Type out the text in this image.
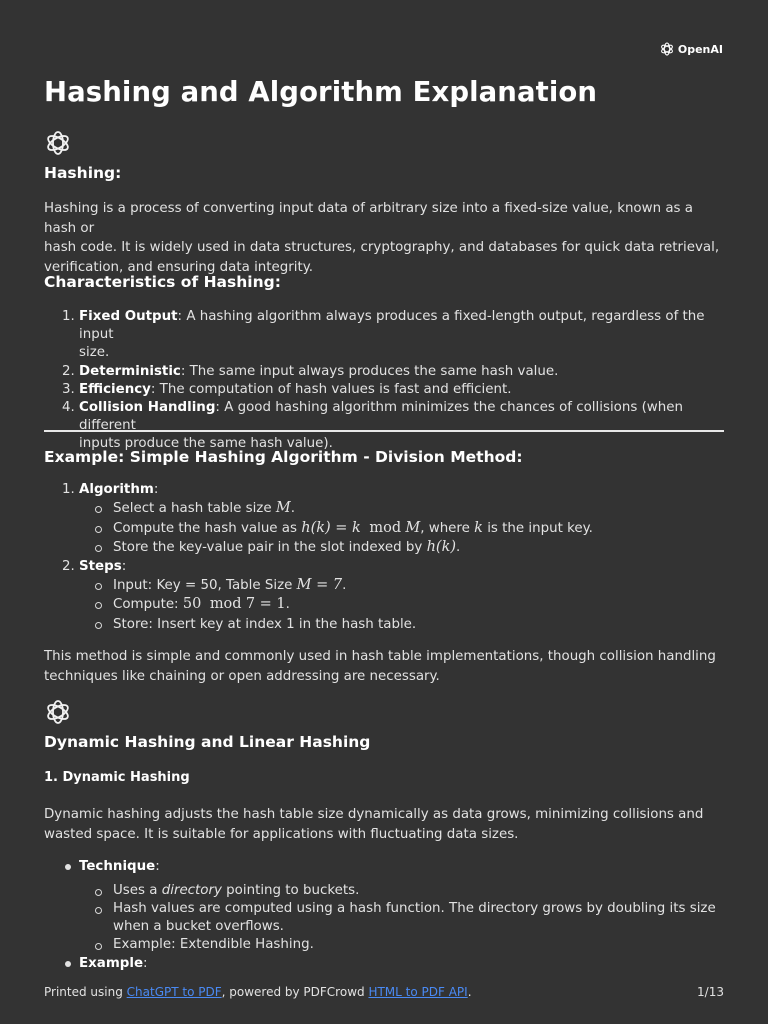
OpenAI
Hashing and Algorithm Explanation
Hashing:
Hashing is a process of converting input data of arbitrary size into a fixed-size value, known as a hash or
hash code. It is widely used in data structures, cryptography, and databases for quick data retrieval,
verification, and ensuring data integrity.
Characteristics of Hashing:
1. Fixed Output: A hashing algorithm always produces a fixed-length output, regardless of the input
size.
2. Deterministic: The same input always produces the same hash value.
3. Efficiency: The computation of hash values is fast and efficient.
4. Collision Handling: A good hashing algorithm minimizes the chances of collisions (when different
inputs produce the same hash value).
Example: Simple Hashing Algorithm - Division Method:
1. Algorithm:
Select a hash table size M.
Compute the hash value as h(k) = k mod M, where k is the input key.
Store the key-value pair in the slot indexed by h(k).
2. Steps:
Input: Key = 50, Table Size M = 7.
Compute: 50 mod 7 = 1.
Store: Insert key at index 1 in the hash table.
This method is simple and commonly used in hash table implementations, though collision handling
techniques like chaining or open addressing are necessary.
Dynamic Hashing and Linear Hashing
1. Dynamic Hashing
Dynamic hashing adjusts the hash table size dynamically as data grows, minimizing collisions and
wasted space. It is suitable for applications with fluctuating data sizes.
Technique:
Uses a directory pointing to buckets.
Hash values are computed using a hash function. The directory grows by doubling its size
when a bucket overflows.
Example: Extendible Hashing.
Example:
Printed using ChatGPT to PDF, powered by PDFCrowd HTML to PDF API.	1/13
